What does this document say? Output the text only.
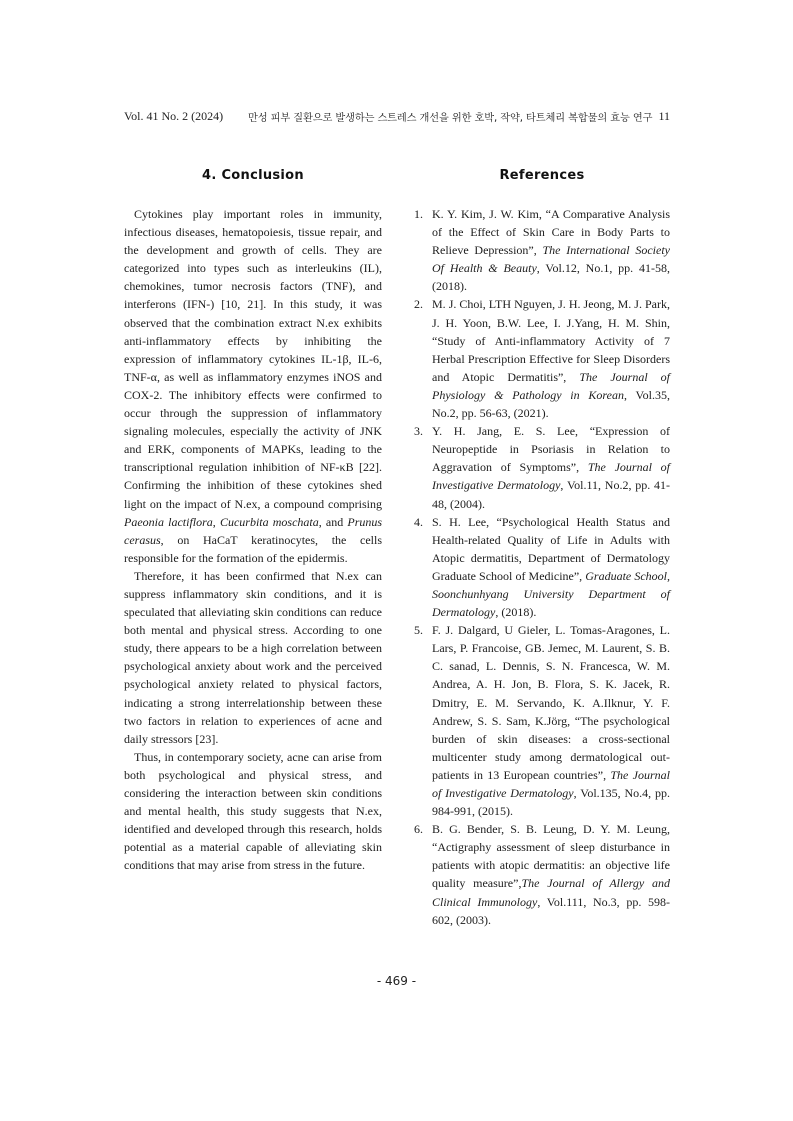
Vol. 41 No. 2 (2024) 만성 피부 질환으로 발생하는 스트레스 개선을 위한 호박, 작약, 타트체리 복합물의 효능 연구 11
4. Conclusion

Cytokines play important roles in immunity, infectious diseases, hematopoiesis, tissue repair, and the development and growth of cells. They are categorized into types such as interleukins (IL), chemokines, tumor necrosis factors (TNF), and interferons (IFN-) [10, 21]. In this study, it was observed that the combination extract N.ex exhibits anti-inflammatory effects by inhibiting the expression of inflammatory cytokines IL-1β, IL-6, TNF-α, as well as inflammatory enzymes iNOS and COX-2. The inhibitory effects were confirmed to occur through the suppression of inflammatory signaling molecules, especially the activity of JNK and ERK, components of MAPKs, leading to the transcriptional regulation inhibition of NF-κB [22]. Confirming the inhibition of these cytokines shed light on the impact of N.ex, a compound comprising Paeonia lactiflora, Cucurbita moschata, and Prunus cerasus, on HaCaT keratinocytes, the cells responsible for the formation of the epidermis.

Therefore, it has been confirmed that N.ex can suppress inflammatory skin conditions, and it is speculated that alleviating skin conditions can reduce both mental and physical stress. According to one study, there appears to be a high correlation between psychological anxiety about work and the perceived psychological anxiety related to physical factors, indicating a strong interrelationship between these two factors in relation to experiences of acne and daily stressors [23].

Thus, in contemporary society, acne can arise from both psychological and physical stress, and considering the interaction between skin conditions and mental health, this study suggests that N.ex, identified and developed through this research, holds potential as a material capable of alleviating skin conditions that may arise from stress in the future.

References
1. K. Y. Kim, J. W. Kim, “A Comparative Analysis of the Effect of Skin Care in Body Parts to Relieve Depression”, The International Society Of Health & Beauty, Vol.12, No.1, pp. 41-58, (2018).
2. M. J. Choi, LTH Nguyen, J. H. Jeong, M. J. Park, J. H. Yoon, B.W. Lee, I. J.Yang, H. M. Shin, “Study of Anti-inflammatory Activity of 7 Herbal Prescription Effective for Sleep Disorders and Atopic Dermatitis”, The Journal of Physiology & Pathology in Korean, Vol.35, No.2, pp. 56-63, (2021).
3. Y. H. Jang, E. S. Lee, “Expression of Neuropeptide in Psoriasis in Relation to Aggravation of Symptoms”, The Journal of Investigative Dermatology, Vol.11, No.2, pp. 41-48, (2004).
4. S. H. Lee, “Psychological Health Status and Health-related Quality of Life in Adults with Atopic dermatitis, Department of Dermatology Graduate School of Medicine”, Graduate School, Soonchunhyang University Department of Dermatology, (2018).
5. F. J. Dalgard, U Gieler, L. Tomas-Aragones, L. Lars, P. Francoise, GB. Jemec, M. Laurent, S. B. C. sanad, L. Dennis, S. N. Francesca, W. M. Andrea, A. H. Jon, B. Flora, S. K. Jacek, R. Dmitry, E. M. Servando, K. A.Ilknur, Y. F. Andrew, S. S. Sam, K.Jörg, “The psychological burden of skin diseases: a cross-sectional multicenter study among dermatological out-patients in 13 European countries”, The Journal of Investigative Dermatology, Vol.135, No.4, pp. 984-991, (2015).
6. B. G. Bender, S. B. Leung, D. Y. M. Leung, “Actigraphy assessment of sleep disturbance in patients with atopic dermatitis: an objective life quality measure”,The Journal of Allergy and Clinical Immunology, Vol.111, No.3, pp. 598-602, (2003).
- 469 -
